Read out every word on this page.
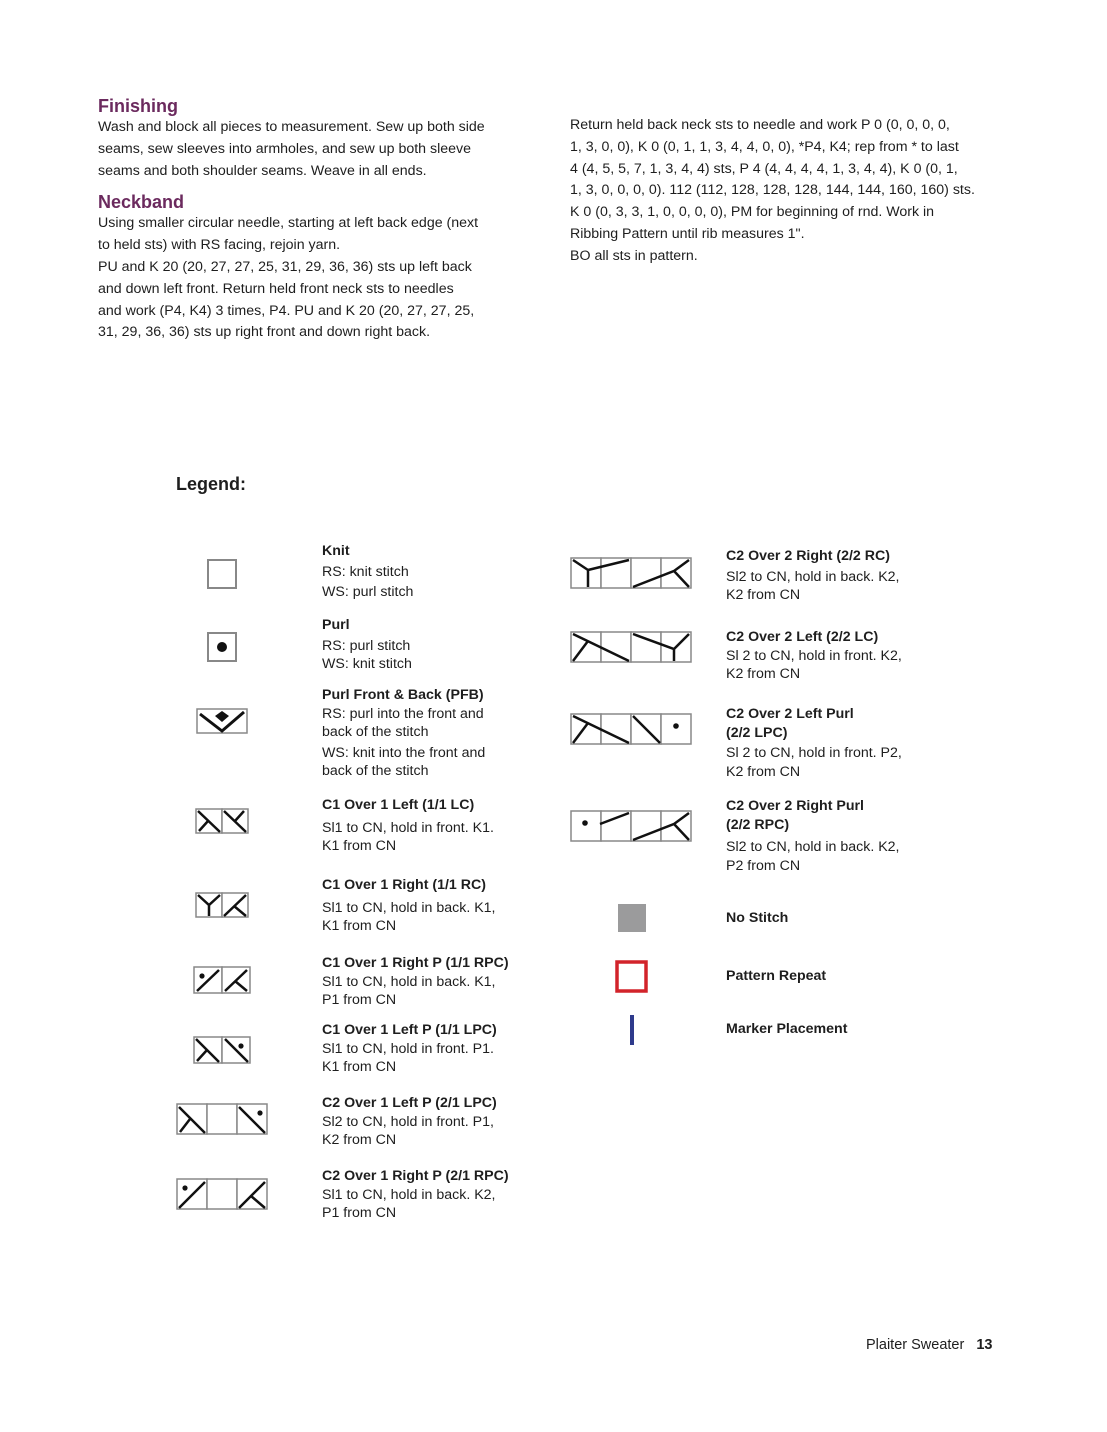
Finishing

Wash and block all pieces to measurement. Sew up both side
seams, sew sleeves into armholes, and sew up both sleeve
seams and both shoulder seams. Weave in all ends.

Neckband

Using smaller circular needle, starting at left back edge (next
to held sts) with RS facing, rejoin yarn.
PU and K 20 (20, 27, 27, 25, 31, 29, 36, 36) sts up left back
and down left front. Return held front neck sts to needles
and work (P4, K4) 3 times, P4. PU and K 20 (20, 27, 27, 25,
31, 29, 36, 36) sts up right front and down right back.

Return held back neck sts to needle and work P 0 (0, 0, 0, 0,
1, 3, 0, 0), K 0 (0, 1, 1, 3, 4, 4, 0, 0), *P4, K4; rep from * to last
4 (4, 5, 5, 7, 1, 3, 4, 4) sts, P 4 (4, 4, 4, 4, 1, 3, 4, 4), K 0 (0, 1,
1, 3, 0, 0, 0, 0). 112 (112, 128, 128, 128, 144, 144, 160, 160) sts.
K 0 (0, 3, 3, 1, 0, 0, 0, 0), PM for beginning of rnd. Work in
Ribbing Pattern until rib measures 1".
BO all sts in pattern.

Legend:
Knit
RS: knit stitch
WS: purl stitch
Purl
RS: purl stitch
WS: knit stitch
Purl Front & Back (PFB)
RS: purl into the front and
back of the stitch
WS: knit into the front and
back of the stitch
C1 Over 1 Left (1/1 LC)
Sl1 to CN, hold in front. K1.
K1 from CN
C1 Over 1 Right (1/1 RC)
Sl1 to CN, hold in back. K1,
K1 from CN
C1 Over 1 Right P (1/1 RPC)
Sl1 to CN, hold in back. K1,
P1 from CN
C1 Over 1 Left P (1/1 LPC)
Sl1 to CN, hold in front. P1.
K1 from CN
C2 Over 1 Left P (2/1 LPC)
Sl2 to CN, hold in front. P1,
K2 from CN
C2 Over 1 Right P (2/1 RPC)
Sl1 to CN, hold in back. K2,
P1 from CN
C2 Over 2 Right (2/2 RC)
Sl2 to CN, hold in back. K2,
K2 from CN
C2 Over 2 Left (2/2 LC)
Sl 2 to CN, hold in front. K2,
K2 from CN
C2 Over 2 Left Purl
(2/2 LPC)
Sl 2 to CN, hold in front. P2,
K2 from CN
C2 Over 2 Right Purl
(2/2 RPC)
Sl2 to CN, hold in back. K2,
P2 from CN
No Stitch
Pattern Repeat
Marker Placement
Plaiter Sweater 13
